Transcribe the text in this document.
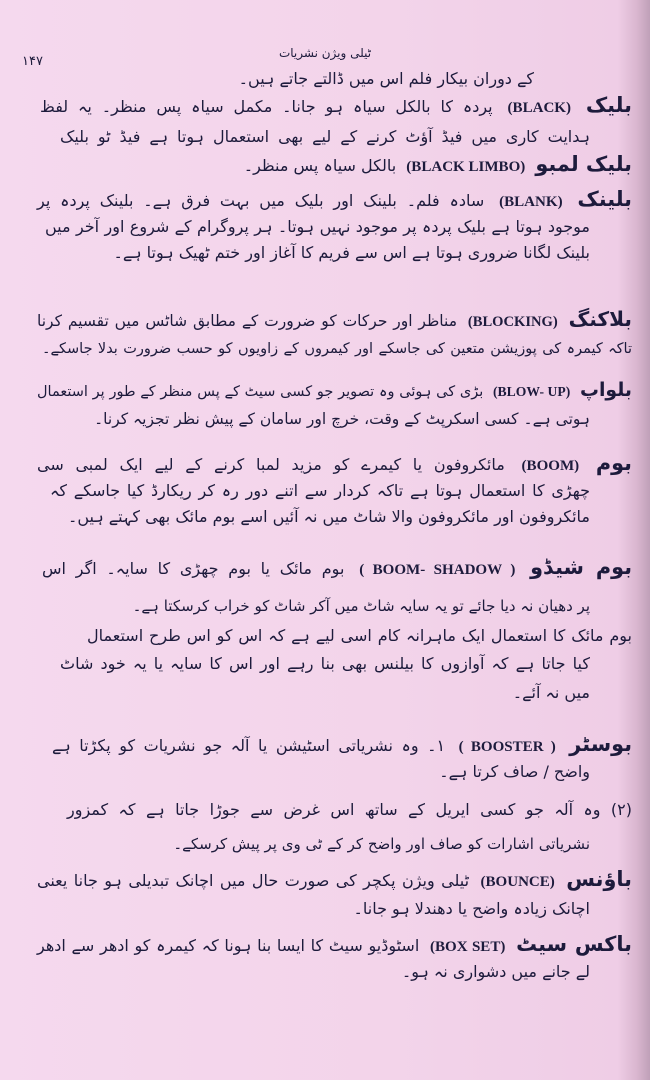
ٹیلی ویژن نشریات
۱۴۷
کے دوران بیکار فلم اس میں ڈالتے جاتے ہیں۔
بلیک (BLACK) پردہ کا بالکل سیاہ ہو جانا۔ مکمل سیاہ پس منظر۔ یہ لفظ
ہدایت کاری میں فیڈ آؤٹ کرنے کے لیے بھی استعمال ہوتا ہے فیڈ ٹو بلیک
بلیک لمبو (BLACK LIMBO) بالکل سیاہ پس منظر۔
بلینک (BLANK) سادہ فلم۔ بلینک اور بلیک میں بہت فرق ہے۔ بلینک پردہ پر
موجود ہوتا ہے بلیک پردہ پر موجود نہیں ہوتا۔ ہر پروگرام کے شروع اور آخر میں
بلینک لگانا ضروری ہوتا ہے اس سے فریم کا آغاز اور ختم ٹھیک ہوتا ہے۔
بلاکنگ (BLOCKING) مناظر اور حرکات کو ضرورت کے مطابق شاٹس میں تقسیم کرنا
تاکہ کیمرہ کی پوزیشن متعین کی جاسکے اور کیمروں کے زاویوں کو حسب ضرورت بدلا جاسکے۔
بلواپ (BLOW- UP) بڑی کی ہوئی وہ تصویر جو کسی سیٹ کے پس منظر کے طور پر استعمال
ہوتی ہے۔ کسی اسکرپٹ کے وقت، خرچ اور سامان کے پیش نظر تجزیہ کرنا۔
بوم (BOOM) مائکروفون یا کیمرے کو مزید لمبا کرنے کے لیے ایک لمبی سی
چھڑی کا استعمال ہوتا ہے تاکہ کردار سے اتنے دور رہ کر ریکارڈ کیا جاسکے کہ
مائکروفون اور مائکروفون والا شاٹ میں نہ آئیں اسے بوم مائک بھی کہتے ہیں۔
بوم شیڈو ( BOOM- SHADOW ) بوم مائک یا بوم چھڑی کا سایہ۔ اگر اس
پر دھیان نہ دیا جائے تو یہ سایہ شاٹ میں آکر شاٹ کو خراب کرسکتا ہے۔
بوم مائک کا استعمال ایک ماہرانہ کام اسی لیے ہے کہ اس کو اس طرح استعمال
کیا جاتا ہے کہ آوازوں کا بیلنس بھی بنا رہے اور اس کا سایہ یا یہ خود شاٹ
میں نہ آئے۔
بوسٹر ( BOOSTER ) ۱۔ وہ نشریاتی اسٹیشن یا آلہ جو نشریات کو پکڑتا ہے
واضح / صاف کرتا ہے۔
(۲) وہ آلہ جو کسی ایریل کے ساتھ اس غرض سے جوڑا جاتا ہے کہ کمزور
نشریاتی اشارات کو صاف اور واضح کر کے ٹی وی پر پیش کرسکے۔
باؤنس (BOUNCE) ٹیلی ویژن پکچر کی صورت حال میں اچانک تبدیلی ہو جانا یعنی
اچانک زیادہ واضح یا دھندلا ہو جانا۔
باکس سیٹ (BOX SET) اسٹوڈیو سیٹ کا ایسا بنا ہونا کہ کیمرہ کو ادھر سے ادھر
لے جانے میں دشواری نہ ہو۔
